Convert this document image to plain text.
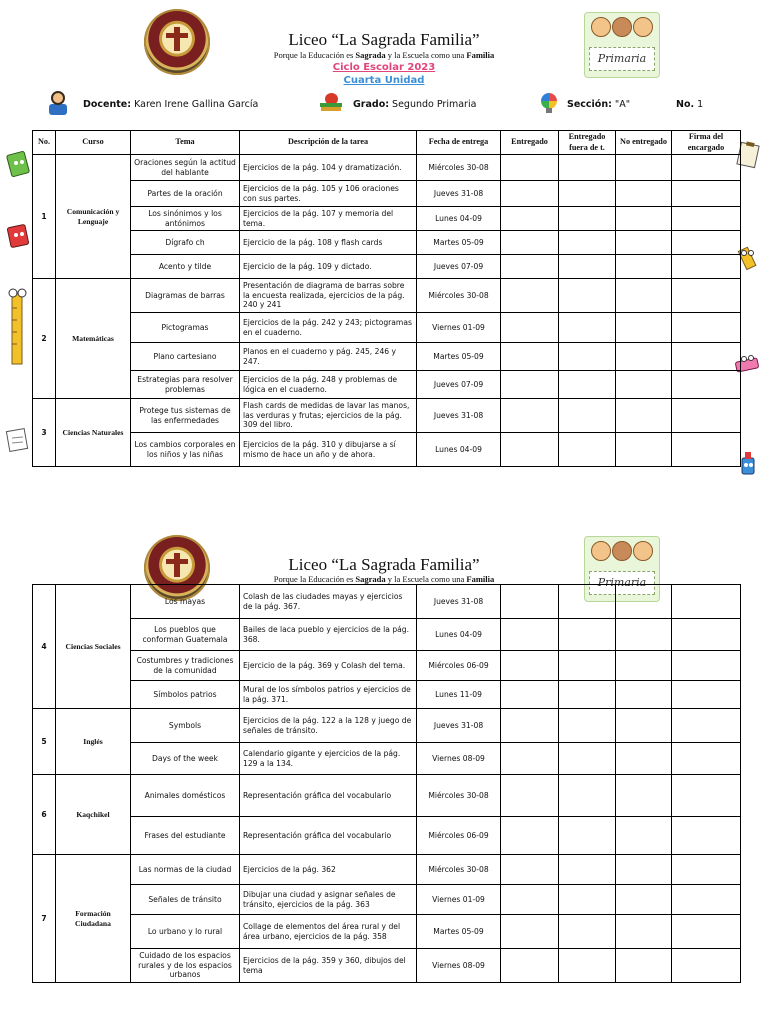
Primaria
Liceo “La Sagrada Familia”
Porque la Educación es Sagrada y la Escuela como una Familia
Ciclo Escolar 2023
Cuarta Unidad
Docente: Karen Irene Gallina García	Grado: Segundo Primaria	Sección: "A"	No. 1
No.	Curso	Tema	Descripción de la tarea	Fecha de entrega	Entregado	Entregado fuera de t.	No entregado	Firma del encargado
1	Comunicación y Lenguaje	Oraciones según la actitud del hablante	Ejercicios de la pág. 104 y dramatización.	Miércoles 30-08				
		Partes de la oración	Ejercicios de la pág. 105 y 106 oraciones con sus partes.	Jueves 31-08				
		Los sinónimos y los antónimos	Ejercicios de la pág. 107 y memoria del tema.	Lunes 04-09				
		Dígrafo ch	Ejercicio de la pág. 108 y flash cards	Martes 05-09				
		Acento y tilde	Ejercicio de la pág. 109 y dictado.	Jueves 07-09				
2	Matemáticas	Diagramas de barras	Presentación de diagrama de barras sobre la encuesta realizada, ejercicios de la pág. 240 y 241	Miércoles 30-08				
		Pictogramas	Ejercicios de la pág. 242 y 243; pictogramas en el cuaderno.	Viernes 01-09				
		Plano cartesiano	Planos en el cuaderno y pág. 245, 246 y 247.	Martes 05-09				
		Estrategias para resolver problemas	Ejercicios de la pág. 248 y problemas de lógica en el cuaderno.	Jueves 07-09				
3	Ciencias Naturales	Protege tus sistemas de las enfermedades	Flash cards de medidas de lavar las manos, las verduras y frutas; ejercicios de la pág. 309 del libro.	Jueves 31-08				
		Los cambios corporales en los niños y las niñas	Ejercicios de la pág. 310 y dibujarse a sí mismo de hace un año y de ahora.	Lunes 04-09				
Primaria
Liceo “La Sagrada Familia”
Porque la Educación es Sagrada y la Escuela como una Familia
4	Ciencias Sociales	Los mayas	Colash de las ciudades mayas y ejercicios de la pág. 367.	Jueves 31-08				
		Los pueblos que conforman Guatemala	Bailes de laca pueblo y ejercicios de la pág. 368.	Lunes 04-09				
		Costumbres y tradiciones de la comunidad	Ejercicio de la pág. 369 y Colash del tema.	Miércoles 06-09				
		Símbolos patrios	Mural de los símbolos patrios y ejercicios de la pág. 371.	Lunes 11-09				
5	Inglés	Symbols	Ejercicios de la pág. 122 a la 128 y juego de señales de tránsito.	Jueves 31-08				
		Days of the week	Calendario gigante y ejercicios de la pág. 129 a la 134.	Viernes 08-09				
6	Kaqchikel	Animales domésticos	Representación gráfica del vocabulario	Miércoles 30-08				
		Frases del estudiante	Representación gráfica del vocabulario	Miércoles 06-09				
7	Formación Ciudadana	Las normas de la ciudad	Ejercicios de la pág. 362	Miércoles 30-08				
		Señales de tránsito	Dibujar una ciudad y asignar señales de tránsito, ejercicios de la pág. 363	Viernes 01-09				
		Lo urbano y lo rural	Collage de elementos del área rural y del área urbano, ejercicios de la pág. 358	Martes 05-09				
		Cuidado de los espacios rurales y de los espacios urbanos	Ejercicios de la pág. 359 y 360, dibujos del tema	Viernes 08-09				
